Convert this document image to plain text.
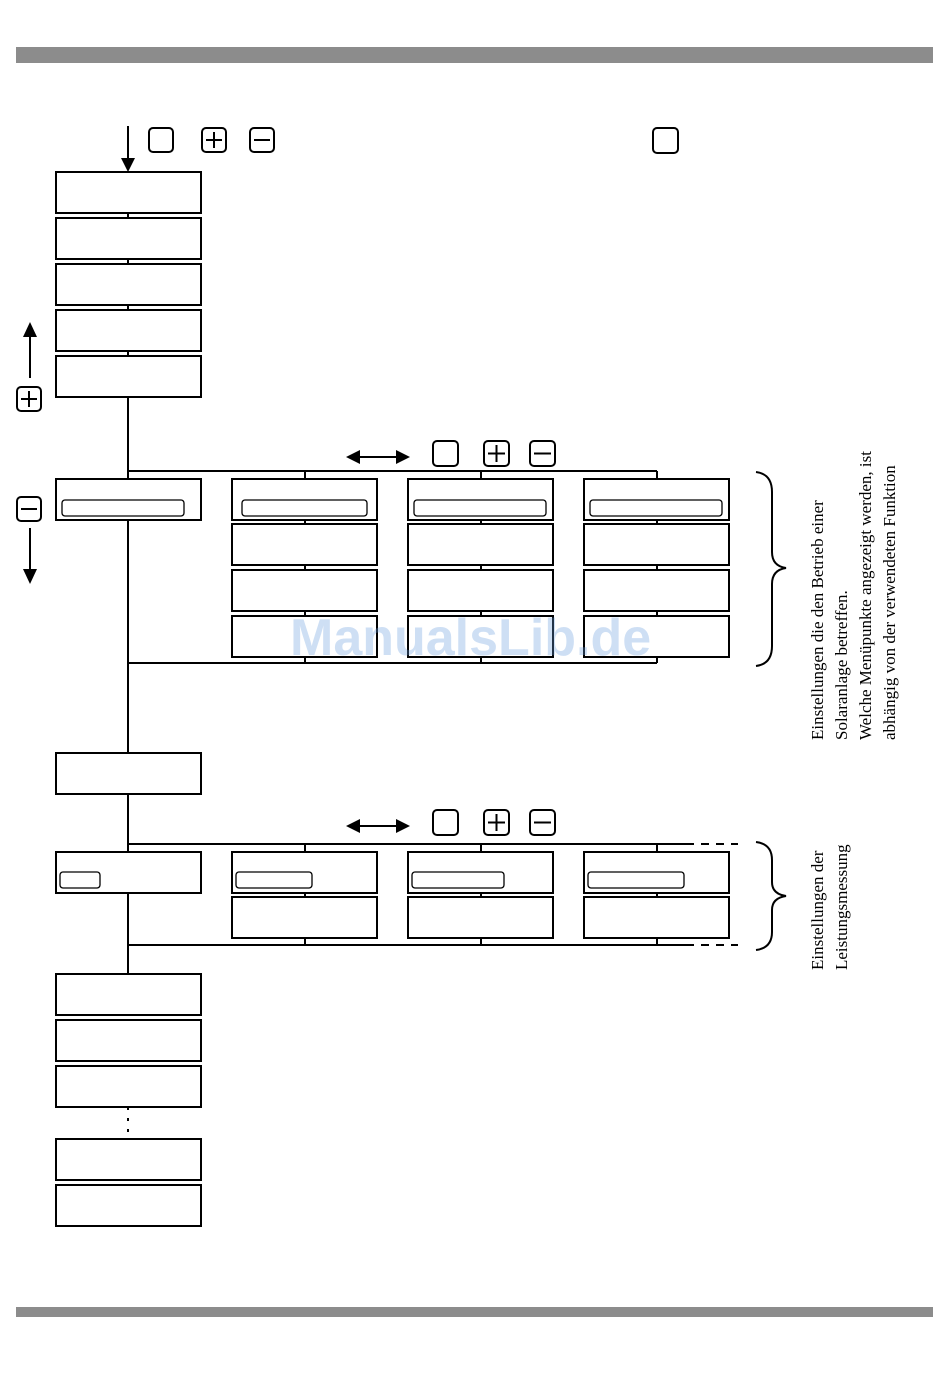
Einstellungen die den Betrieb einer Solaranlage betreffen. Welche Menüpunkte angezeigt werden, ist abhängig von der verwendeten Funktion
Einstellungen der Leistungsmessung
ManualsLib.de
